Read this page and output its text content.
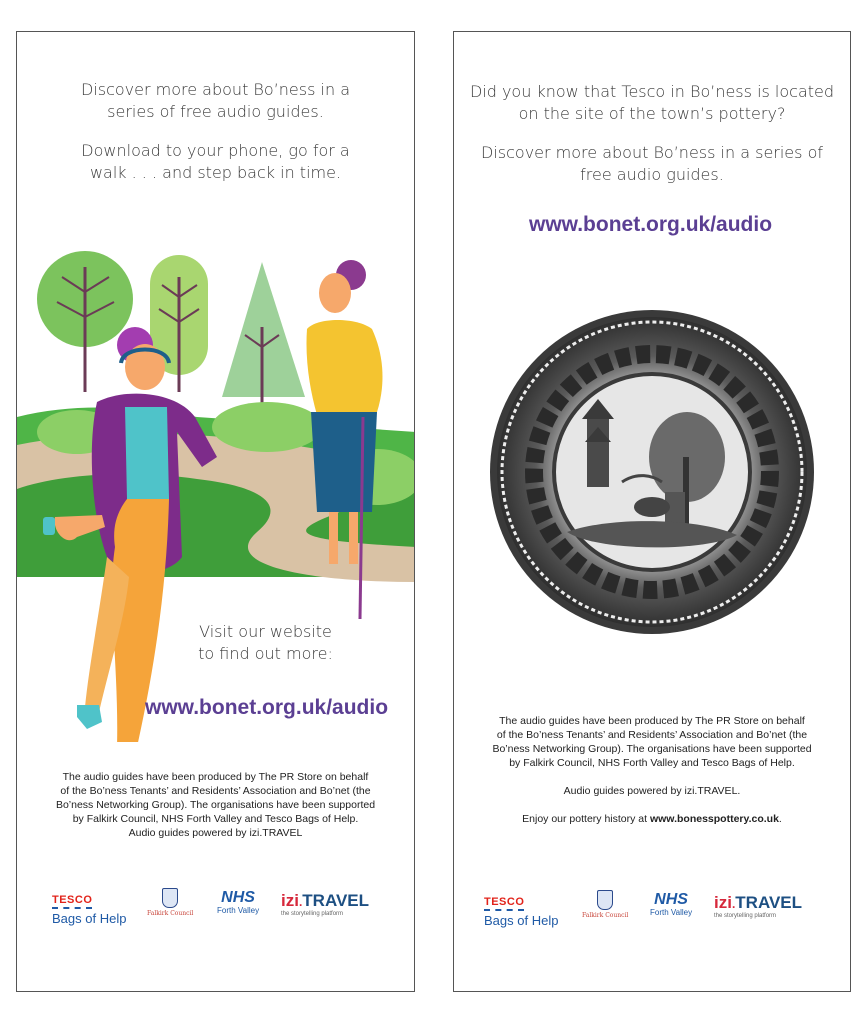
Discover more about Bo’ness in a

series of free audio guides.

Download to your phone, go for a

walk . . . and step back in time.

Visit our website

to find out more:

www.bonet.org.uk/audio

The audio guides have been produced by The PR Store on behalf

of the Bo’ness Tenants’ and Residents’ Association and Bo’net (the

Bo’ness Networking Group). The organisations have been supported

by Falkirk Council, NHS Forth Valley and Tesco Bags of Help.

Audio guides powered by izi.TRAVEL

TESCO
Bags of Help	Falkirk Council
NHS
Forth Valley
izi.TRAVEL
the storytelling platform

Did you know that Tesco in Bo’ness is located

on the site of the town’s pottery?

Discover more about Bo’ness in a series of

free audio guides.

www.bonet.org.uk/audio

The audio guides have been produced by The PR Store on behalf

of the Bo’ness Tenants’ and Residents’ Association and Bo’net (the

Bo’ness Networking Group). The organisations have been supported

by Falkirk Council, NHS Forth Valley and Tesco Bags of Help.

Audio guides powered by izi.TRAVEL.

Enjoy our pottery history at www.bonesspottery.co.uk.

TESCO
Bags of Help	Falkirk Council
NHS
Forth Valley
izi.TRAVEL
the storytelling platform
